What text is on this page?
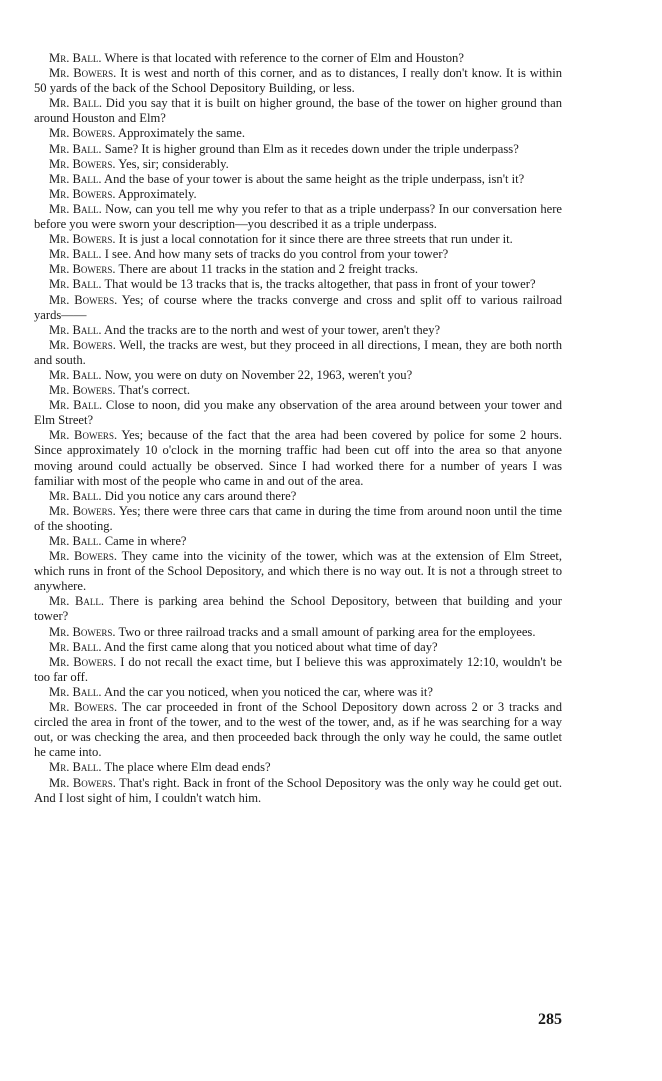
Mr. Ball. Where is that located with reference to the corner of Elm and Houston?

Mr. Bowers. It is west and north of this corner, and as to distances, I really don't know. It is within 50 yards of the back of the School Depository Building, or less.

Mr. Ball. Did you say that it is built on higher ground, the base of the tower on higher ground than around Houston and Elm?

Mr. Bowers. Approximately the same.

Mr. Ball. Same? It is higher ground than Elm as it recedes down under the triple underpass?

Mr. Bowers. Yes, sir; considerably.

Mr. Ball. And the base of your tower is about the same height as the triple underpass, isn't it?

Mr. Bowers. Approximately.

Mr. Ball. Now, can you tell me why you refer to that as a triple underpass? In our conversation here before you were sworn your description—you described it as a triple underpass.

Mr. Bowers. It is just a local connotation for it since there are three streets that run under it.

Mr. Ball. I see. And how many sets of tracks do you control from your tower?

Mr. Bowers. There are about 11 tracks in the station and 2 freight tracks.

Mr. Ball. That would be 13 tracks that is, the tracks altogether, that pass in front of your tower?

Mr. Bowers. Yes; of course where the tracks converge and cross and split off to various railroad yards——

Mr. Ball. And the tracks are to the north and west of your tower, aren't they?

Mr. Bowers. Well, the tracks are west, but they proceed in all directions, I mean, they are both north and south.

Mr. Ball. Now, you were on duty on November 22, 1963, weren't you?

Mr. Bowers. That's correct.

Mr. Ball. Close to noon, did you make any observation of the area around between your tower and Elm Street?

Mr. Bowers. Yes; because of the fact that the area had been covered by police for some 2 hours. Since approximately 10 o'clock in the morning traffic had been cut off into the area so that anyone moving around could actually be observed. Since I had worked there for a number of years I was familiar with most of the people who came in and out of the area.

Mr. Ball. Did you notice any cars around there?

Mr. Bowers. Yes; there were three cars that came in during the time from around noon until the time of the shooting.

Mr. Ball. Came in where?

Mr. Bowers. They came into the vicinity of the tower, which was at the extension of Elm Street, which runs in front of the School Depository, and which there is no way out. It is not a through street to anywhere.

Mr. Ball. There is parking area behind the School Depository, between that building and your tower?

Mr. Bowers. Two or three railroad tracks and a small amount of parking area for the employees.

Mr. Ball. And the first came along that you noticed about what time of day?

Mr. Bowers. I do not recall the exact time, but I believe this was approximately 12:10, wouldn't be too far off.

Mr. Ball. And the car you noticed, when you noticed the car, where was it?

Mr. Bowers. The car proceeded in front of the School Depository down across 2 or 3 tracks and circled the area in front of the tower, and to the west of the tower, and, as if he was searching for a way out, or was checking the area, and then proceeded back through the only way he could, the same outlet he came into.

Mr. Ball. The place where Elm dead ends?

Mr. Bowers. That's right. Back in front of the School Depository was the only way he could get out. And I lost sight of him, I couldn't watch him.

285
